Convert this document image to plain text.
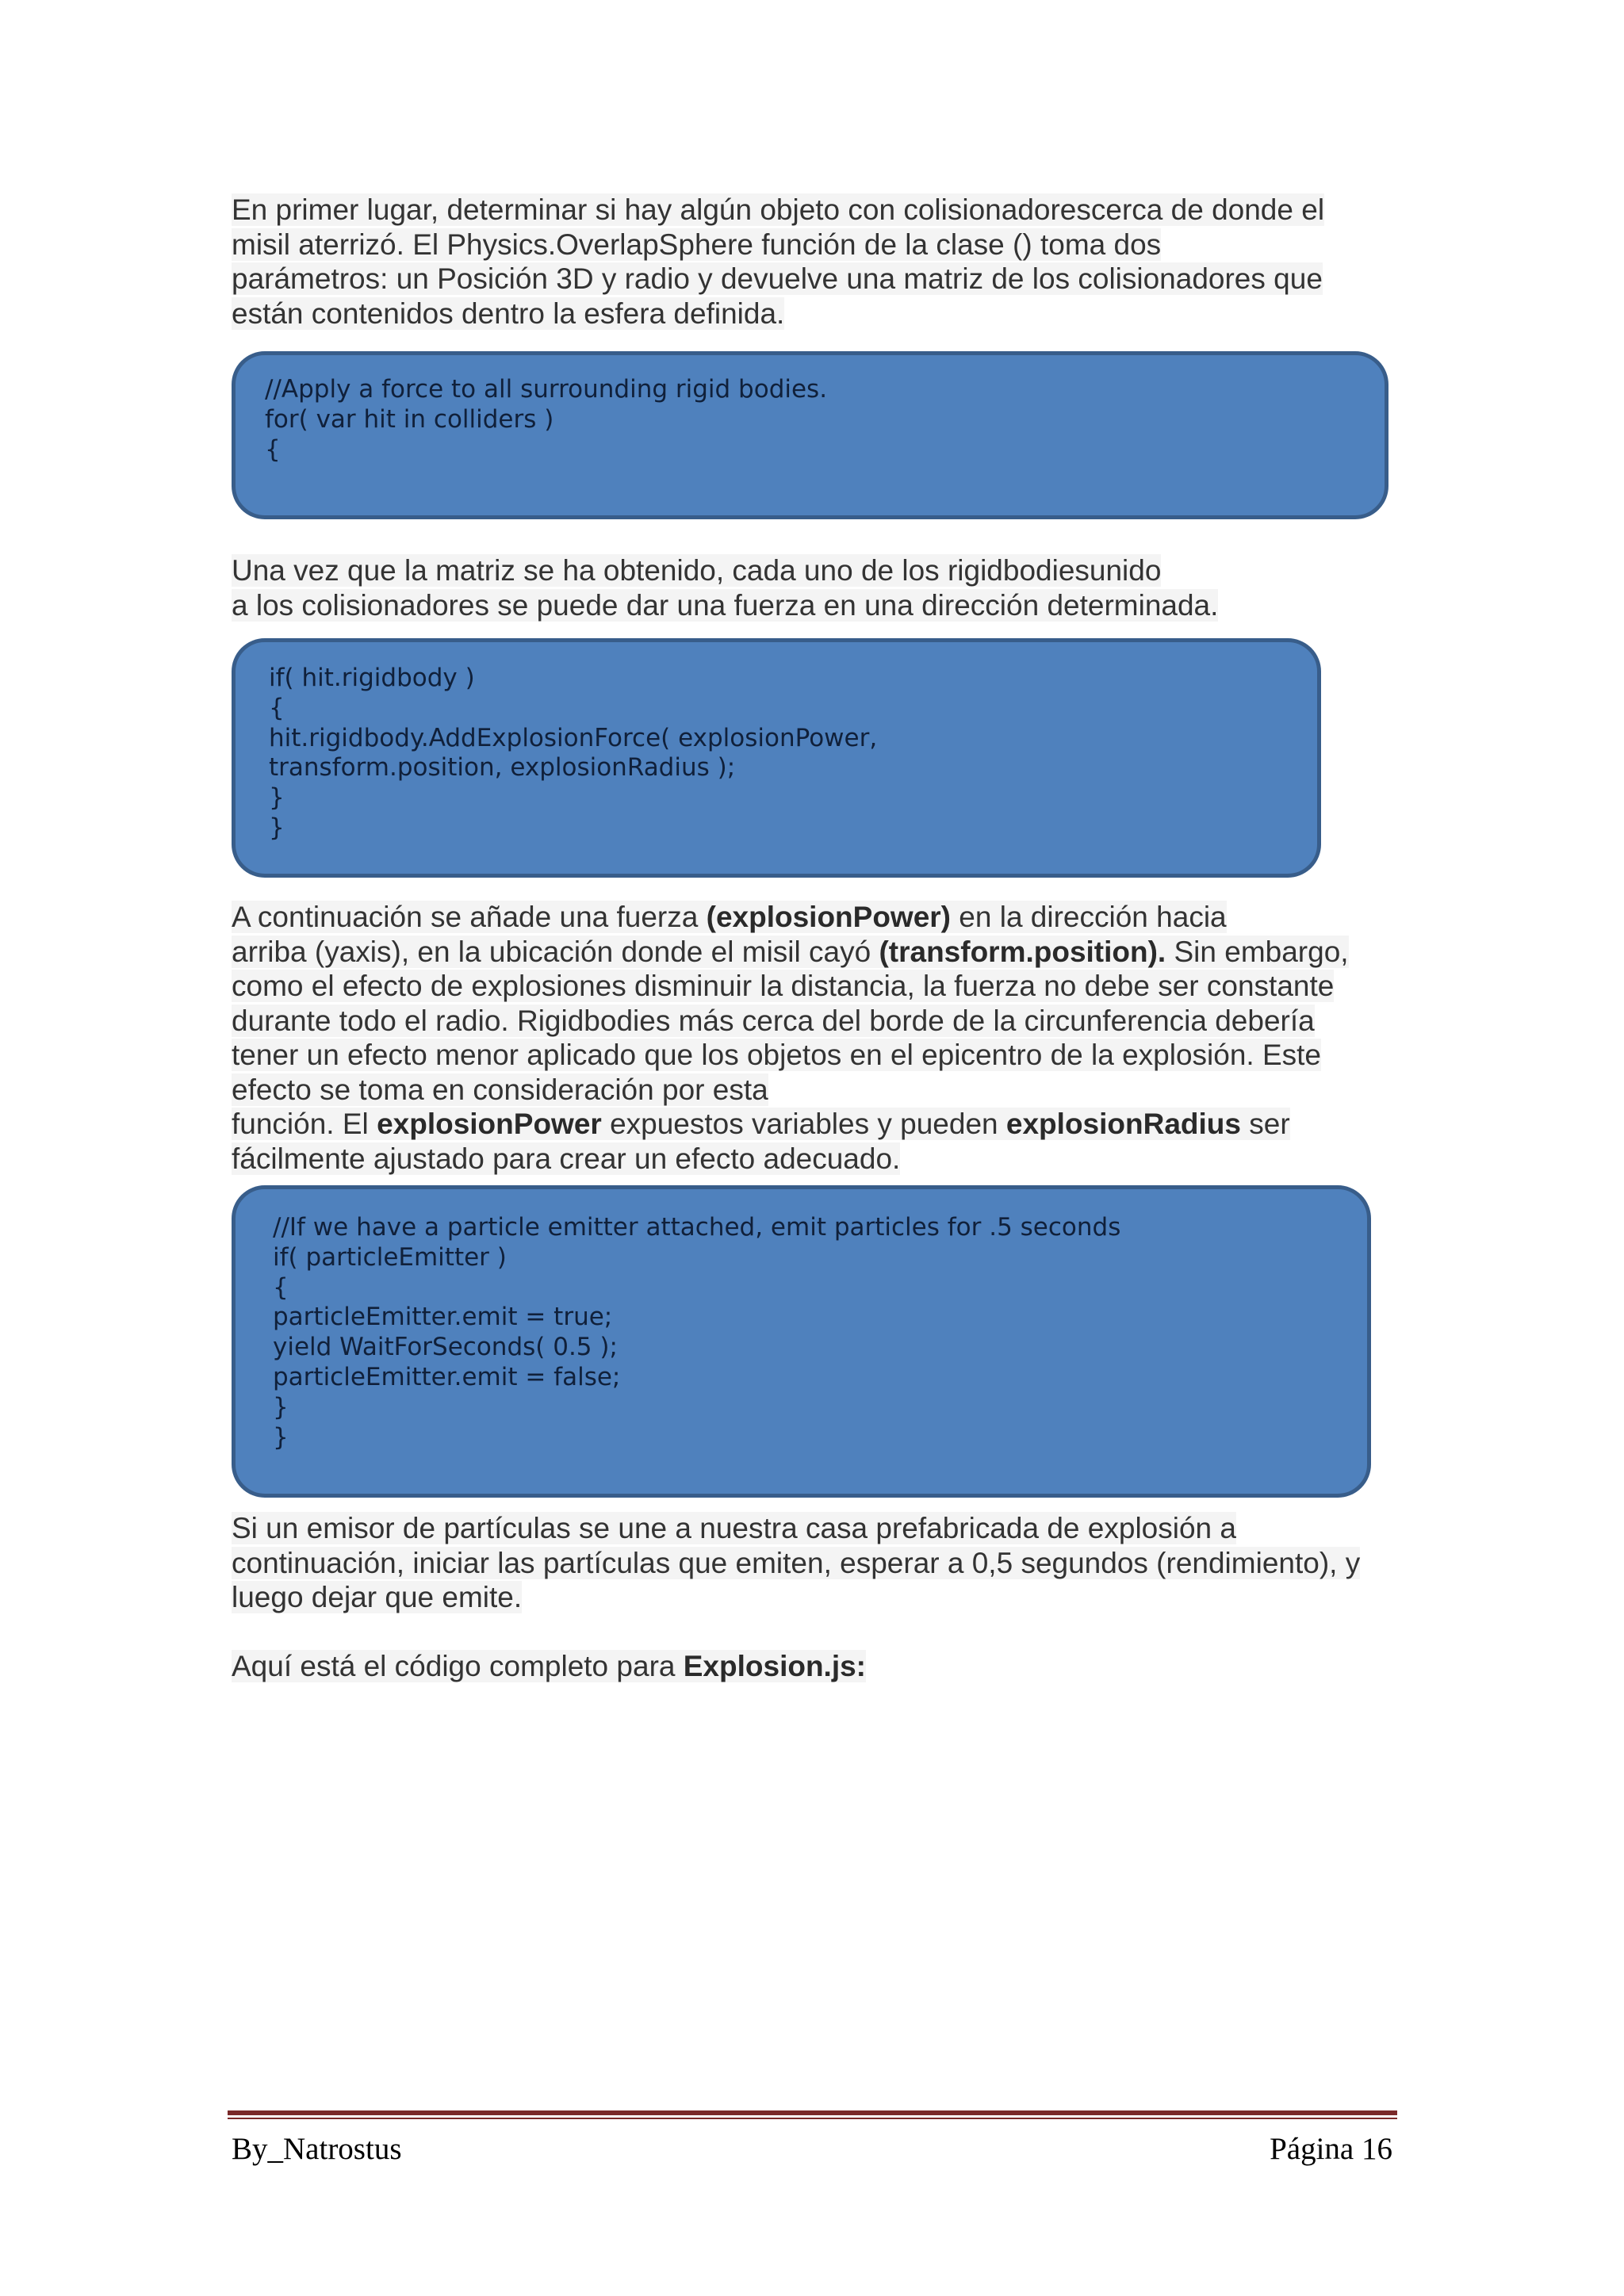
En primer lugar, determinar si hay algún objeto con colisionadorescerca de donde el
misil aterrizó. El Physics.OverlapSphere función de la clase () toma dos
parámetros: un Posición 3D y radio y devuelve una matriz de los colisionadores que
están contenidos dentro la esfera definida.
//Apply a force to all surrounding rigid bodies.
for( var hit in colliders )
{
Una vez que la matriz se ha obtenido, cada uno de los rigidbodiesunido
a los colisionadores se puede dar una fuerza en una dirección determinada.
if( hit.rigidbody )
{
hit.rigidbody.AddExplosionForce( explosionPower,
transform.position, explosionRadius );
}
}
A continuación se añade una fuerza (explosionPower) en la dirección hacia
arriba (yaxis), en la ubicación donde el misil cayó (transform.position). Sin embargo,
como el efecto de explosiones disminuir la distancia, la fuerza no debe ser constante
durante todo el radio. Rigidbodies más cerca del borde de la circunferencia debería
tener un efecto menor aplicado que los objetos en el epicentro de la explosión. Este
efecto se toma en consideración por esta
función. El explosionPower expuestos variables y pueden explosionRadius ser
fácilmente ajustado para crear un efecto adecuado.
//If we have a particle emitter attached, emit particles for .5 seconds
if( particleEmitter )
{
particleEmitter.emit = true;
yield WaitForSeconds( 0.5 );
particleEmitter.emit = false;
}
}
Si un emisor de partículas se une a nuestra casa prefabricada de explosión a
continuación, iniciar las partículas que emiten, esperar a 0,5 segundos (rendimiento), y
luego dejar que emite.
Aquí está el código completo para Explosion.js:
By_Natrostus	Página 16
